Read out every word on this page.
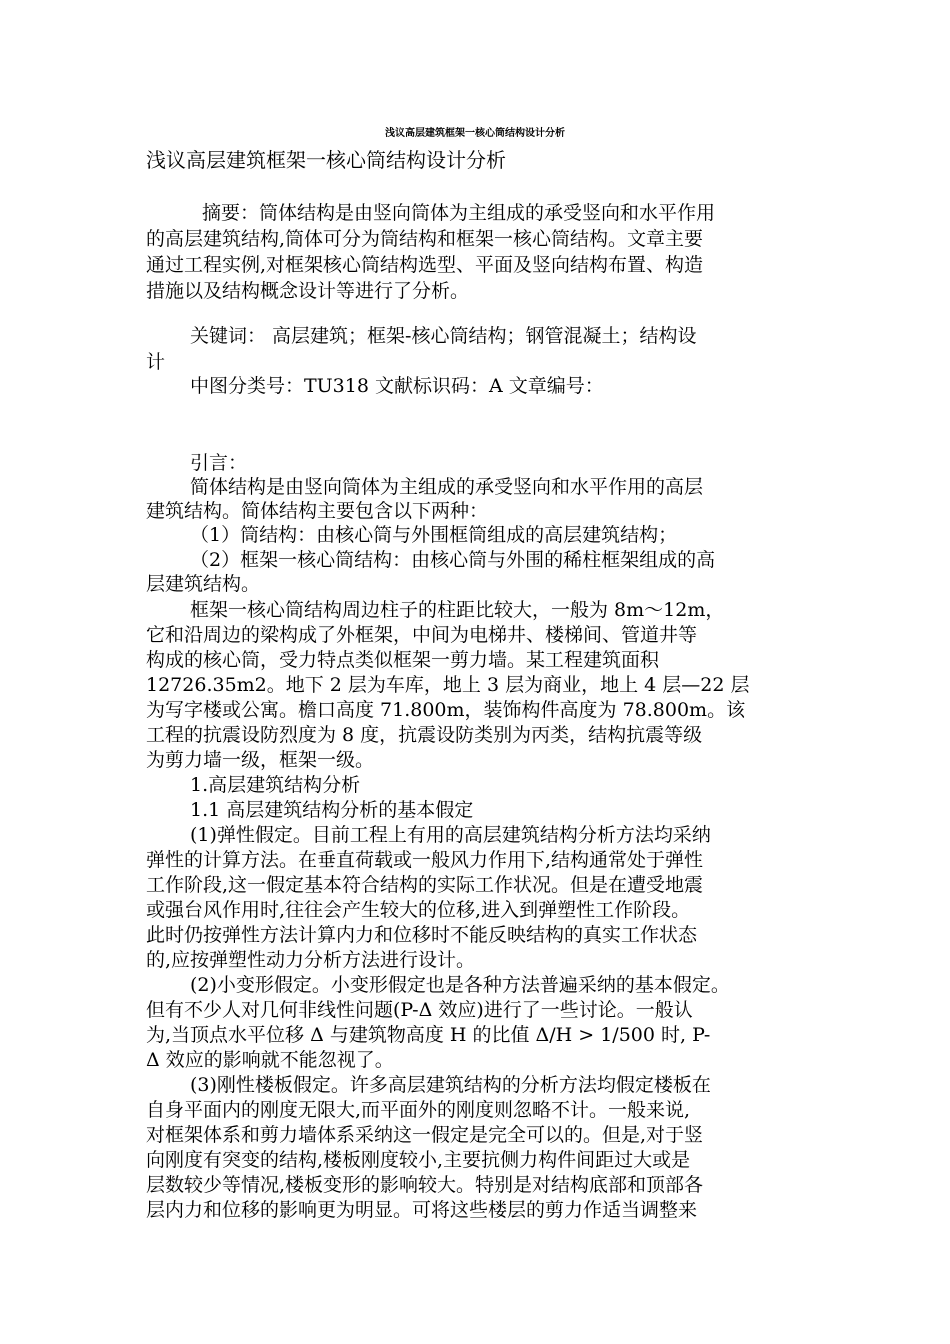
浅议高层建筑框架一核心筒结构设计分析

浅议高层建筑框架一核心筒结构设计分析

摘要：筒体结构是由竖向筒体为主组成的承受竖向和水平作用

的高层建筑结构,筒体可分为筒结构和框架一核心筒结构。文章主要

通过工程实例,对框架核心筒结构选型、平面及竖向结构布置、构造

措施以及结构概念设计等进行了分析。

关键词： 高层建筑；框架-核心筒结构；钢管混凝土；结构设

计

中图分类号：TU318 文献标识码：A 文章编号：

引言：

简体结构是由竖向筒体为主组成的承受竖向和水平作用的高层

建筑结构。简体结构主要包含以下两种：

（1）筒结构：由核心筒与外围框筒组成的高层建筑结构；

（2）框架一核心筒结构：由核心筒与外围的稀柱框架组成的高

层建筑结构。

框架一核心筒结构周边柱子的柱距比较大，一般为 8m～12m，

它和沿周边的梁构成了外框架，中间为电梯井、楼梯间、管道井等

构成的核心筒，受力特点类似框架一剪力墙。某工程建筑面积

12726.35m2。地下 2 层为车库，地上 3 层为商业，地上 4 层—22 层

为写字楼或公寓。檐口高度 71.800m，装饰构件高度为 78.800m。该

工程的抗震设防烈度为 8 度，抗震设防类别为丙类，结构抗震等级

为剪力墙一级，框架一级。

1.高层建筑结构分析

1.1 高层建筑结构分析的基本假定

(1)弹性假定。目前工程上有用的高层建筑结构分析方法均采纳

弹性的计算方法。在垂直荷载或一般风力作用下,结构通常处于弹性

工作阶段,这一假定基本符合结构的实际工作状况。但是在遭受地震

或强台风作用时,往往会产生较大的位移,进入到弹塑性工作阶段。

此时仍按弹性方法计算内力和位移时不能反映结构的真实工作状态

的,应按弹塑性动力分析方法进行设计。

(2)小变形假定。小变形假定也是各种方法普遍采纳的基本假定。

但有不少人对几何非线性问题(P-Δ 效应)进行了一些讨论。一般认

为,当顶点水平位移 Δ 与建筑物高度 H 的比值 Δ/H > 1/500 时, P-

Δ 效应的影响就不能忽视了。

(3)刚性楼板假定。许多高层建筑结构的分析方法均假定楼板在

自身平面内的刚度无限大,而平面外的刚度则忽略不计。一般来说,

对框架体系和剪力墙体系采纳这一假定是完全可以的。但是,对于竖

向刚度有突变的结构,楼板刚度较小,主要抗侧力构件间距过大或是

层数较少等情况,楼板变形的影响较大。特别是对结构底部和顶部各

层内力和位移的影响更为明显。可将这些楼层的剪力作适当调整来
